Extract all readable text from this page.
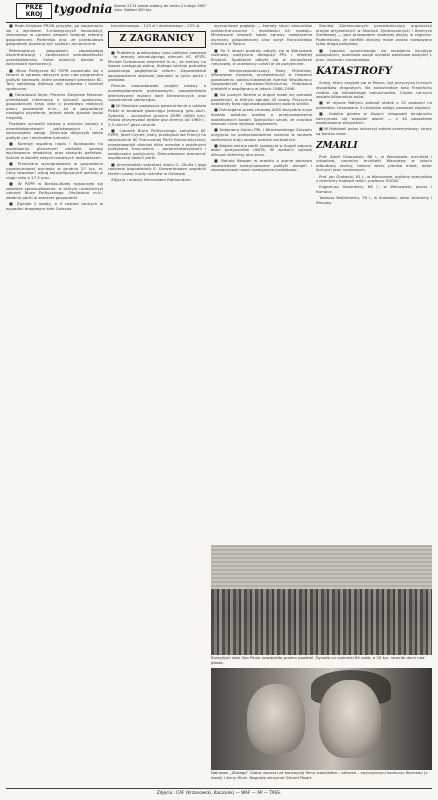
PRZE
KROJ tygodnia Numer 2174 został oddany do druku 2 lutego 1987 roku. Nakład 300 tys.

■ Rada Krajowa PRON przyjęła, po zapoznaniu się z wynikami 3-miesięcznych konsultacji, stanowisko w sprawie założeń kolejnej reformy gospodarczej. Podkreśla ona, że przebudowa gospodarki powinna być szybka i dynamiczna.

Reformatorzy gospodarki zapowiadają decentralizację i zwiększenie samodzielności przedsiębiorstw, które powinny działać w warunkach konkurencji.

■ Biuro Polityczne KC PZPR zapoznało się z tezami w sprawie dalszych prac nad programem polityki kadrowej, które przedstawił sekretarz KC. Tezy zakładają większą rolę wyborów i kontroli społecznej.

■ Obradował Sejm. Premier Zbigniew Messner przedstawił informację o sytuacji społeczno-gospodarczej kraju oraz o przebiegu realizacji planu, powiedział m.in., że w gospodarce nastąpiło ożywienie, jednak wiele zjawisk budzi niepokój.

Posłowie uchwalili ustawę o zmianie ustawy o przedsiębiorstwach państwowych i o samorządzie załogi. Dyskusja dotyczyła także polityki cen i dochodów ludności.

■ Komisję wspólną rządu i Episkopatu na posiedzeniu plenarnym omówiła sprawy wychowania młodzieży oraz stosunki państwo–Kościół w świetle dotychczasowych doświadczeń.

■ Przeciętne wynagrodzenie w gospodarce uspołecznionej wyniosło w grudniu 27 tys. zł. Ceny towarów i usług konsumpcyjnych wzrosły w ciągu roku o 17,5 proc.

■ W PZPR w Bielsku-Białej rozpoczęło się zebranie sprawozdawcze, w którym uczestniczył członek Biura Politycznego. Omówiono m.in. zadania partii w zakresie gospodarki.

■ Zginęło 2 osoby, a 9 zostało rannych w wypadku drogowym koło Gniezna.

transferowego – 125 zł i dewizowego – 225 zł.

Z ZAGRANICY

■ Problemy przebudowy oraz polityka kadrowa – to tematy obradującego plenum KC KPZR. Michaił Gorbaczow stwierdził m.in., że zmiany na lepsze następują wolno, dlatego istnieje potrzeba poważnego pogłębienia reform. Zapowiedział wprowadzenie większej jawności w życiu partii i państwa.

Plenum zaaprobowało projekt ustawy o przedsiębiorstwie państwowym, zapowiedziało alternatywne wybory kadr kierowniczych oraz rozszerzenie samorządu.

■ W Moskwie podpisano porozumienie o udziale Polski w budowie gazociągu Jamburg (płn.-zach. Syberia) – zachodnia granica ZSRR (4650 km). Polska otrzymywać będzie gaz ziemny od 1989 r., 2,5 mld m³ gazu rocznie.

■ Członek Biura Politycznego, sekretarz KC PZPR, Józef Czyrek, który przebywał we Francji na zaproszenie KC Francuskiej Partii Komunistycznej, przeprowadził również kilka rozmów z wybitnymi politykami francuskimi – parlamentarzystami i działaczami partyjnymi. Zdecydowano wzmocnić współpracę dwóch partii.

■ Amerykański sekretarz stanu G. Shultz i jego radziecki odpowiednik E. Szewardnadze uzgodnili termin nowej rundy rozmów w Genewie.

Zdjęcia i relacja: Bernardem Raimondem.

wyznaniowe poglądy — tematy stanu stosunków polsko-francuskich i możliwości ich rozwoju. Ministrowie omówili także sprawy zwiększenia wymiany gospodarczej oraz wizyt francuskiego ministra w Polsce.

■ Po 5 latach przerwy odbyły się w Warszawie rozmowy polityczne delegacji PRL i Wielkiej Brytanii. Spotkanie odbyło się w atmosferze rzeczowej, a uczestnicy uznali je za pożyteczne.

■ Wiceprzewodniczący Rady Ministrów, Władysław Gwiazda, przewodniczył w Hawanie posiedzeniu polsko-kubańskiej Komisji Współpracy Gospodarczej i Naukowo-Technicznej. Podpisano protokół o współpracy w latach 1986–1990.

■ Na pustyni Namib w Angoli rozbił się samolot pasażerski, w którym zginęło 43 osoby. Przyczyną katastrofy była najprawdopodobniej awaria silnika.

■ Ostrzegane przed chorobą AIDS wszystkie kraje dostały ostatnio prośbę o przeprowadzenie dodatkowych badań. Specjaliści uznali, że choroba stanowi coraz większe zagrożenie.

■ Dokonano Sejmu PRL i Wrocławskiego Zarządu przyjęcia na przeprowadzeniu rozmów w sprawie zadłużenia kraju wobec państw zachodnich.

■ Wojska wierne partii rządzącej w Angoli odparły ataki partyzantów UNITA. W walkach zginęło kilkuset żołnierzy obu stron.

■ Ronald Reagan w orędziu o stanie państwa zapowiedział kontynuowanie polityki zbrojeń i zaproponował nowe rozwiązania budżetowe.

Stanów Zjednoczonych przewodniczący organizacji krajów afrykańskich w Stanach Zjednoczonych i Ameryce Środkowej — pod przewodem ostatniej wizyty w regionie. Podkreślono, że konflikt zbrojny może zostać rozwiązany tylko drogą pokojową.

■ Japonia, sprzeciwiając się rozwijaniu inicjatyw pokojowych, podniosła swoje wydatki wojskowe powyżej 1 proc. dochodu narodowego.

KATASTROFY

Śnieg, który zasypał się w Polsce, był przyczyną licznych wypadków drogowych. Na autostradzie kolo Frankfurtu rozbiło się kilkadziesiąt samochodów. Ciężko rannych zostało kilkanaście osób.

■ W rejonie Bałtyku zatonął statek z 15 osobami na pokładzie. Uratowano 3 członków załogi, pozostali zaginęli.

■ Kolejka górska w Alpach nieopodal Innsbrucku zatrzymała się wskutek awarii — z 40 pasażerów ewakuowano wszystkich.

■ W Mołdawii pożar zniszczył zakład przemysłowy; straty są bardzo duże.

ZMARLI

Prof. Adolf Ciborowski, 68 l., w Warszawie, architekt i urbanista, naczelny architekt Warszawy w latach odbudowy stolicy, twórca wielu planów miast, autor licznych prac naukowych.

Prof. Jan Grabecki, 81 l., w Warszawie, wybitny specjalista z dziedziny hodowli roślin, profesor SGGW.

Eugeniusz Hasenbein, 88 l., w Warszawie, pisarz i tłumacz.

Tadeusz Wojtkiewicz, 76 l., w Krakowie, aktor teatralny i filmowy.

Brazylijski stan Sao Paulo nawiedziła groźna powódź. Zginęło co najmniej 60 osób, a 20 tys. straciło dach nad głową.
Najnowsi „Złotego” Globa laureaci za koncepcję filmu wokalistka – aktorka – zwyciężczyni konkursu Kennedy (z lewej) i Anny Hiort. Nagrodę otrzymał Gérard Pipart.
Zdjęcia : CAF (Krzanowski, Kaczorek) — WAF — AP — TASS.
